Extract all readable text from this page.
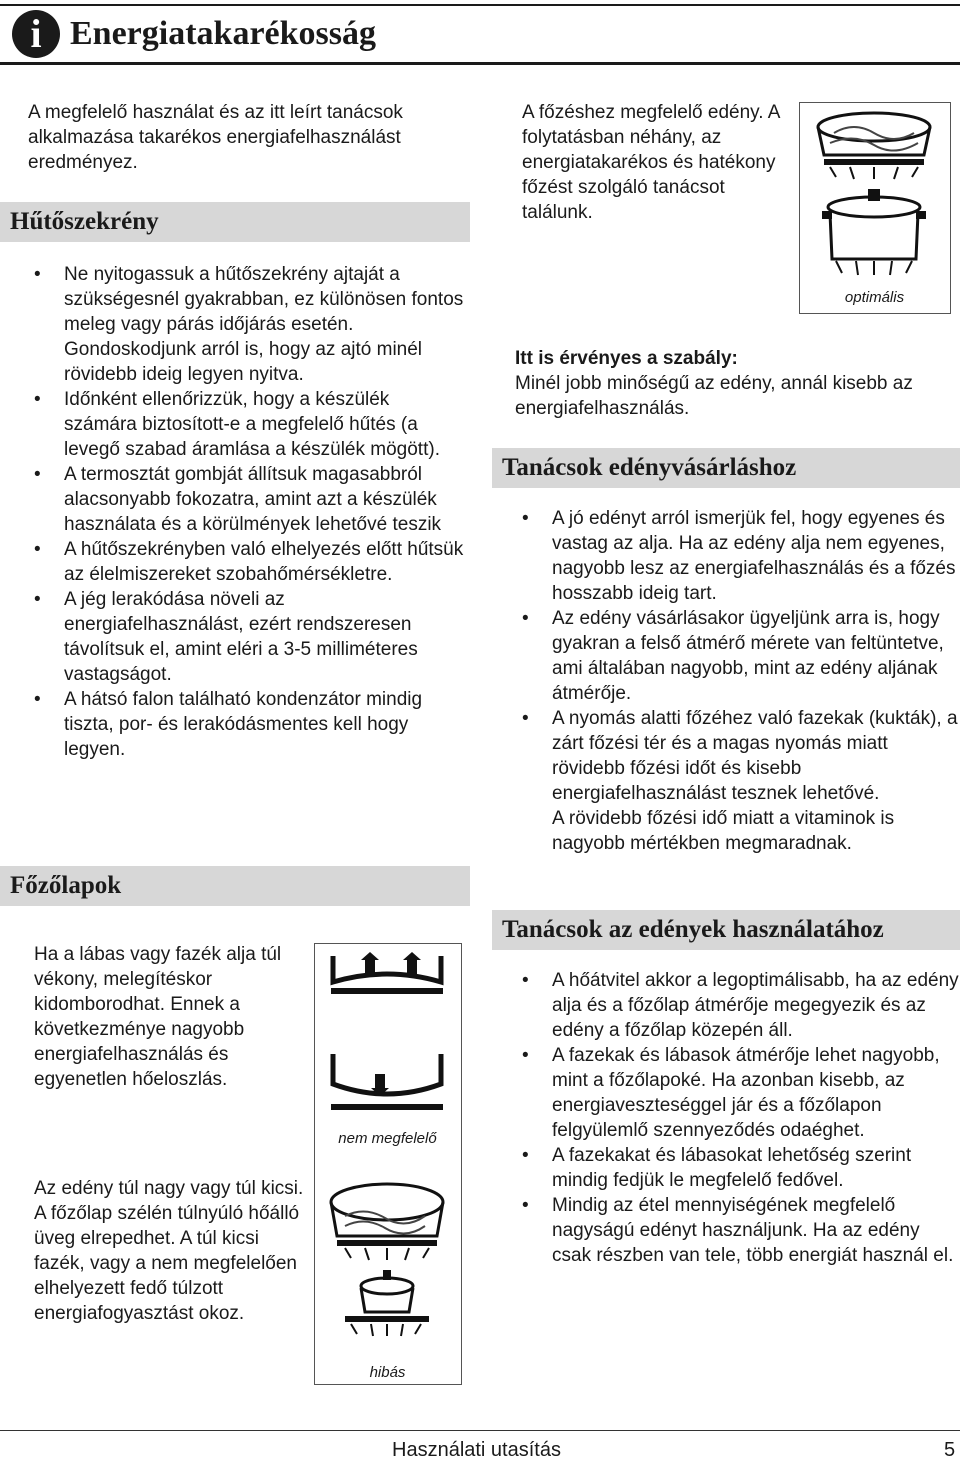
i Energiatakarékosság
A megfelelő használat és az itt leírt tanácsok alkalmazása takarékos energiafelhasználást eredményez.
Hűtőszekrény
• Ne nyitogassuk a hűtőszekrény ajtaját a szükségesnél gyakrabban, ez különösen fontos meleg vagy párás időjárás esetén. Gondoskodjunk arról is, hogy az ajtó minél rövidebb ideig legyen nyitva.
• Időnként ellenőrizzük, hogy a készülék számára biztosított-e a megfelelő hűtés (a levegő szabad áramlása a készülék mögött).
• A termosztát gombját állítsuk magasabbról alacsonyabb fokozatra, amint azt a készülék használata és a körülmények lehetővé teszik
• A hűtőszekrényben való elhelyezés előtt hűtsük az élelmiszereket szobahőmérsékletre.
• A jég lerakódása növeli az energiafelhasználást, ezért rendszeresen távolítsuk el, amint eléri a 3-5 milliméteres vastagságot.
• A hátsó falon található kondenzátor mindig tiszta, por- és lerakódásmentes kell hogy legyen.
Főzőlapok
Ha a lábas vagy fazék alja túl vékony, melegítéskor kidomborodhat. Ennek a következménye nagyobb energiafelhasználás és egyenetlen hőeloszlás.
Az edény túl nagy vagy túl kicsi. A főzőlap szélén túlnyúló hőálló üveg elrepedhet. A túl kicsi fazék, vagy a nem megfelelően elhelyezett fedő túlzott energiafogyasztást okoz.
nem megfelelő
hibás
A főzéshez megfelelő edény. A folytatásban néhány, az energiatakarékos és hatékony főzést szolgáló tanácsot találunk.
optimális
Itt is érvényes a szabály:
Minél jobb minőségű az edény, annál kisebb az energiafelhasználás.
Tanácsok edényvásárláshoz
• A jó edényt arról ismerjük fel, hogy egyenes és vastag az alja. Ha az edény alja nem egyenes, nagyobb lesz az energiafelhasználás és a főzés hosszabb ideig tart.
• Az edény vásárlásakor ügyeljünk arra is, hogy gyakran a felső átmérő mérete van feltüntetve, ami általában nagyobb, mint az edény aljának átmérője.
• A nyomás alatti főzéhez való fazekak (kukták), a zárt főzési tér és a magas nyomás miatt rövidebb főzési időt és kisebb energiafelhasználást tesznek lehetővé.
A rövidebb főzési idő miatt a vitaminok is nagyobb mértékben megmaradnak.
Tanácsok az edények használatához
• A hőátvitel akkor a legoptimálisabb, ha az edény alja és a főzőlap átmérője megegyezik és az edény a főzőlap közepén áll.
• A fazekak és lábasok átmérője lehet nagyobb, mint a főzőlapoké. Ha azonban kisebb, az energiaveszteséggel jár és a főzőlapon felgyülemlő szennyeződés odaéghet.
• A fazekakat és lábasokat lehetőség szerint mindig fedjük le megfelelő fedővel.
• Mindig az étel mennyiségének megfelelő nagyságú edényt használjunk. Ha az edény csak részben van tele, több energiát használ el.
Használati utasítás	5
